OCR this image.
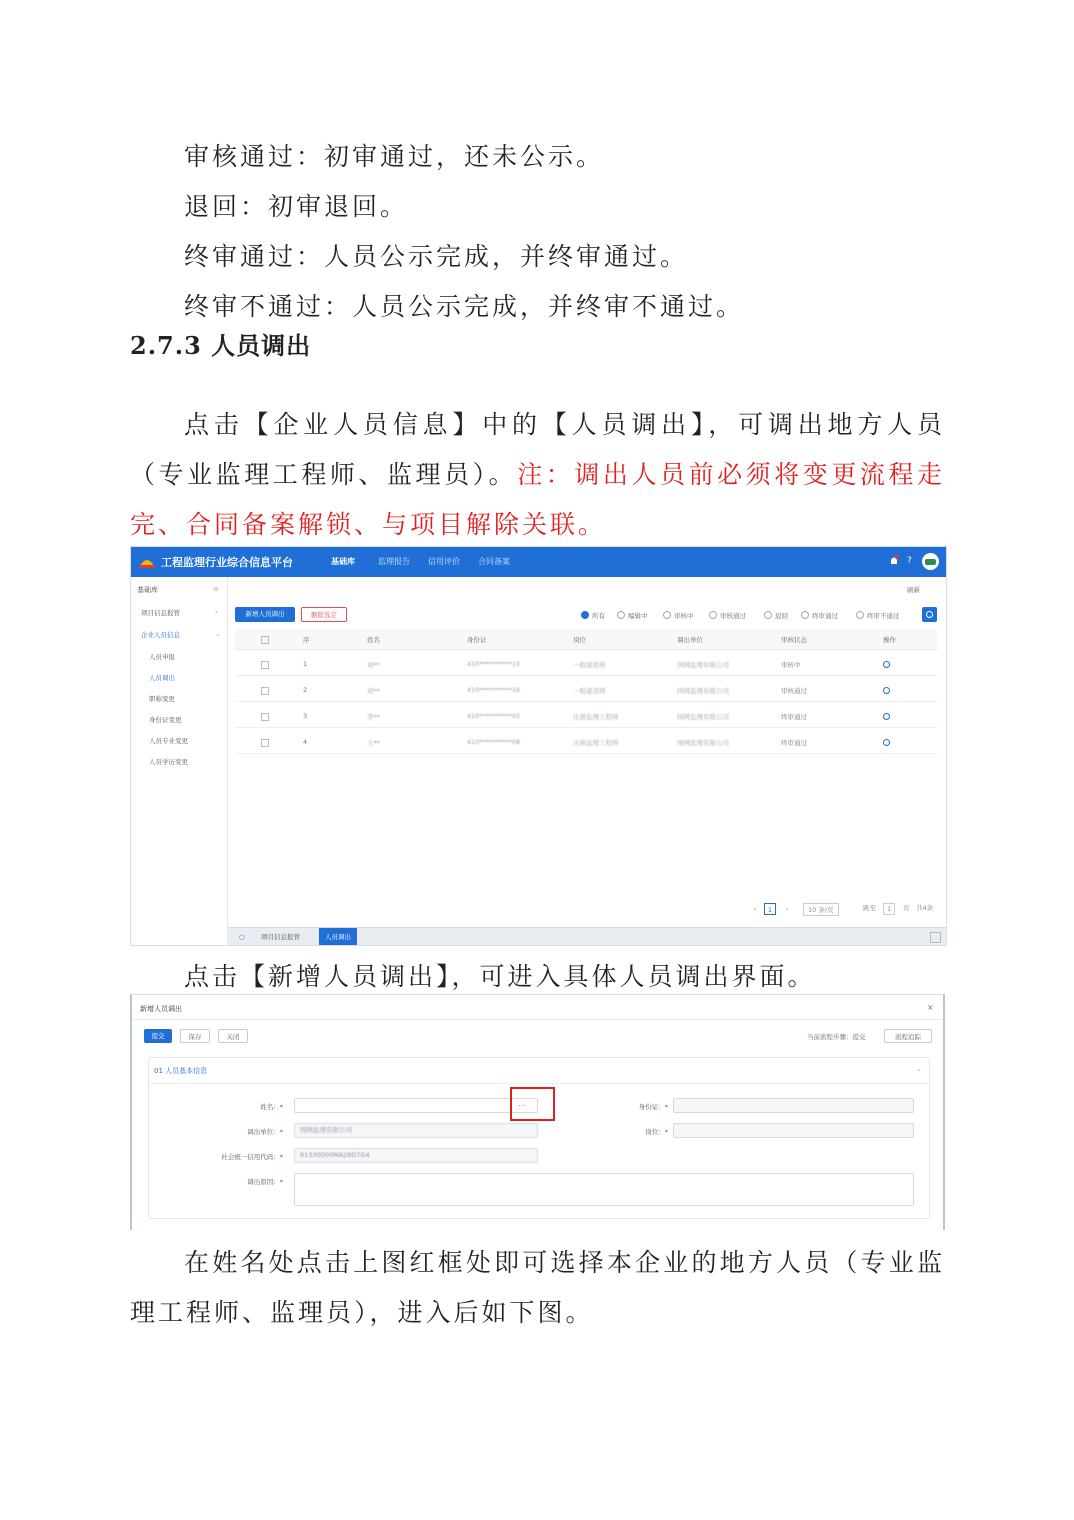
审核通过：初审通过，还未公示。

退回：初审退回。

终审通过：人员公示完成，并终审通过。

终审不通过：人员公示完成，并终审不通过。

2.7.3 人员调出

点击【企业人员信息】中的【人员调出】，可调出地方人员（专业监理工程师、监理员）。注：调出人员前必须将变更流程走完、合同备案解锁、与项目解除关联。

工程监理行业综合信息平台	基础库	监理报告 信用评价 合同备案	?
基础库	≡
项目信息报管	›
企业人员信息	⌄
人员申报
人员调出
职称变更
身份证变更
人员专业变更
人员学历变更
刷新
新增人员调出	删除选定	所有	编辑中	审核中	审核通过	退回	终审通过	终审不通过
序	姓名	身份证	岗位	调出单位	审核状态	操作
1	刘**	410**********10	一般建造师	国网监理有限公司	审核中
2	刘**	410**********16	一般建造师	国网监理有限公司	审核通过
3	李**	410**********02	注册监理工程师	国网监理有限公司	终审通过
4	王**	410**********08	注册监理工程师	国网监理有限公司	终审通过
‹	1	›	10 条/页	跳至	1	页 共4条
○	项目信息报管	人员调出

点击【新增人员调出】，可进入具体人员调出界面。

新增人员调出	×
提交	保存	关闭	当前流程步骤：提交	流程追踪
01 人员基本信息	⌄
姓名：*	...	身份证：*
调出单位：*	国网监理有限公司	岗位：*
社会统一信用代码：*	91330000MA28D7G4
调出原因：*

在姓名处点击上图红框处即可选择本企业的地方人员（专业监理工程师、监理员），进入后如下图。
